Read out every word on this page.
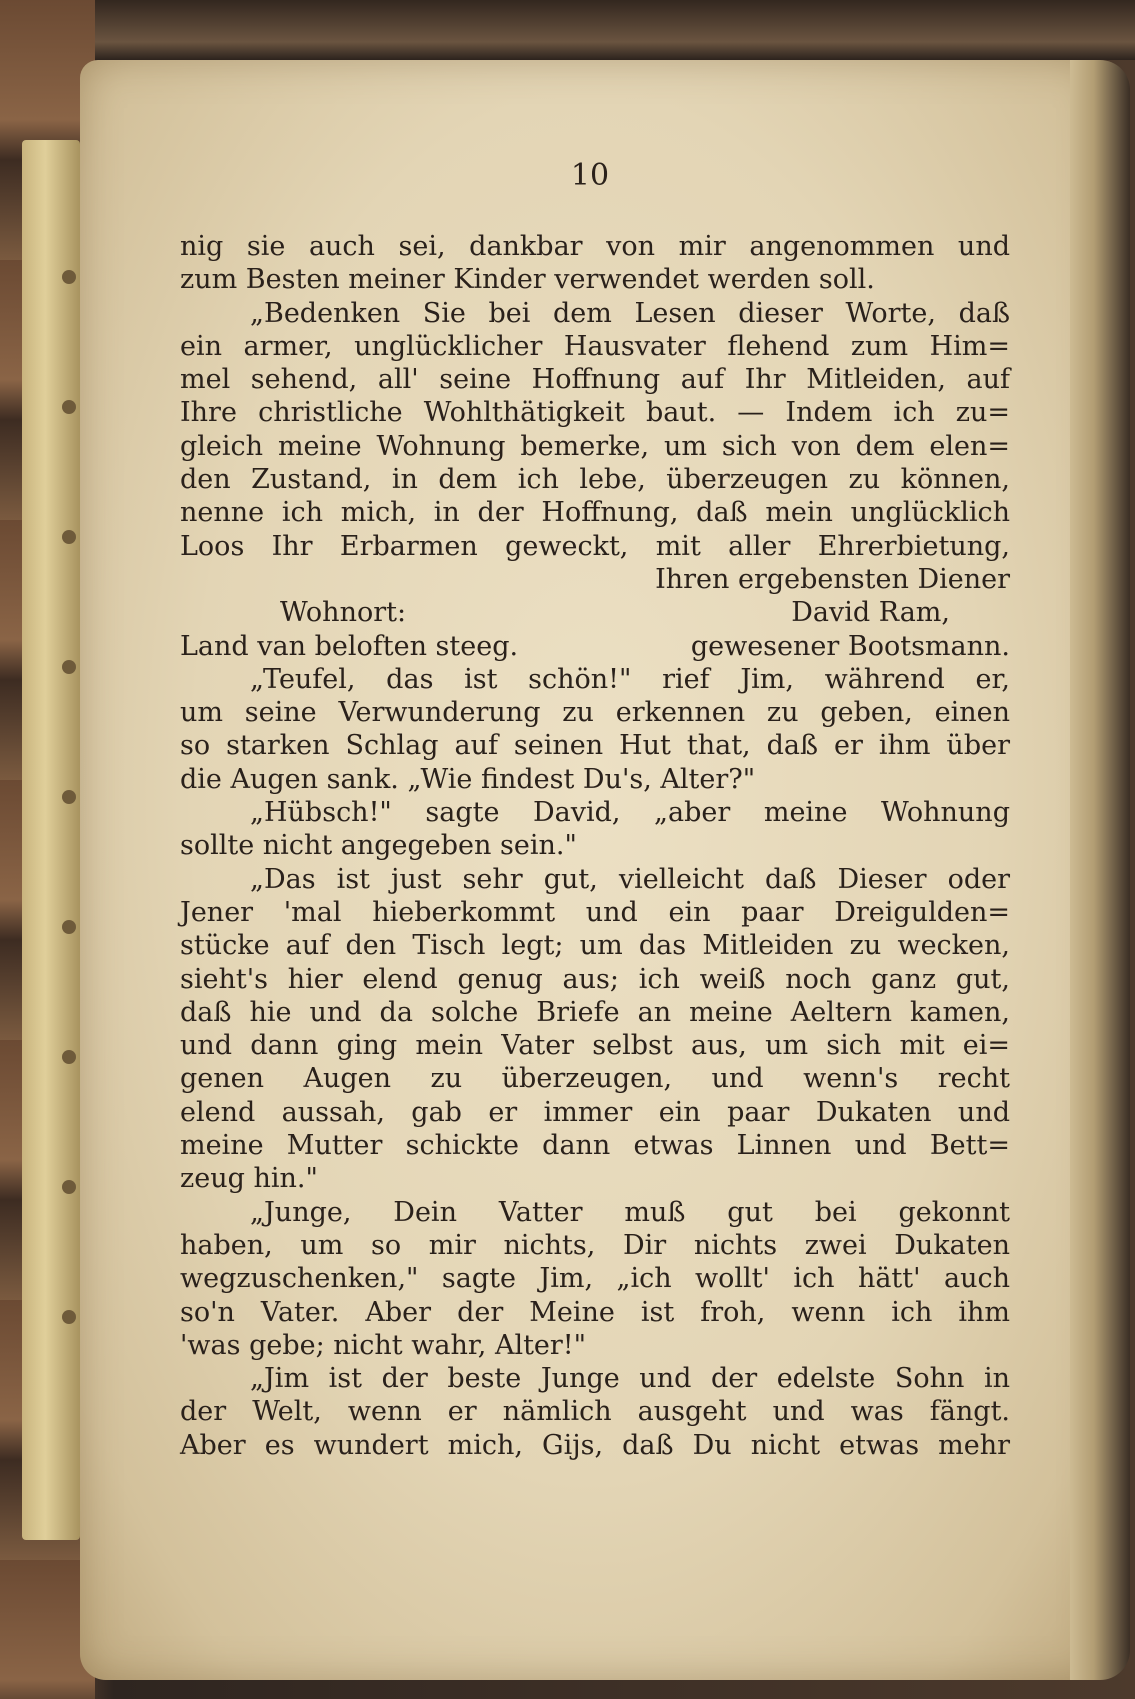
10
nig sie auch sei, dankbar von mir angenommen und
zum Besten meiner Kinder verwendet werden soll.
„Bedenken Sie bei dem Lesen dieser Worte, daß
ein armer, unglücklicher Hausvater flehend zum Him=
mel sehend, all' seine Hoffnung auf Ihr Mitleiden, auf
Ihre christliche Wohlthätigkeit baut. — Indem ich zu=
gleich meine Wohnung bemerke, um sich von dem elen=
den Zustand, in dem ich lebe, überzeugen zu können,
nenne ich mich, in der Hoffnung, daß mein unglücklich
Loos Ihr Erbarmen geweckt, mit aller Ehrerbietung,
Ihren ergebensten Diener
Wohnort:	David Ram,
Land van beloften steeg.	gewesener Bootsmann.
„Teufel, das ist schön!" rief Jim, während er,
um seine Verwunderung zu erkennen zu geben, einen
so starken Schlag auf seinen Hut that, daß er ihm über
die Augen sank. „Wie findest Du's, Alter?"
„Hübsch!" sagte David, „aber meine Wohnung
sollte nicht angegeben sein."
„Das ist just sehr gut, vielleicht daß Dieser oder
Jener 'mal hieberkommt und ein paar Dreigulden=
stücke auf den Tisch legt; um das Mitleiden zu wecken,
sieht's hier elend genug aus; ich weiß noch ganz gut,
daß hie und da solche Briefe an meine Aeltern kamen,
und dann ging mein Vater selbst aus, um sich mit ei=
genen Augen zu überzeugen, und wenn's recht
elend aussah, gab er immer ein paar Dukaten und
meine Mutter schickte dann etwas Linnen und Bett=
zeug hin."
„Junge, Dein Vatter muß gut bei gekonnt
haben, um so mir nichts, Dir nichts zwei Dukaten
wegzuschenken," sagte Jim, „ich wollt' ich hätt' auch
so'n Vater. Aber der Meine ist froh, wenn ich ihm
'was gebe; nicht wahr, Alter!"
„Jim ist der beste Junge und der edelste Sohn in
der Welt, wenn er nämlich ausgeht und was fängt.
Aber es wundert mich, Gijs, daß Du nicht etwas mehr
